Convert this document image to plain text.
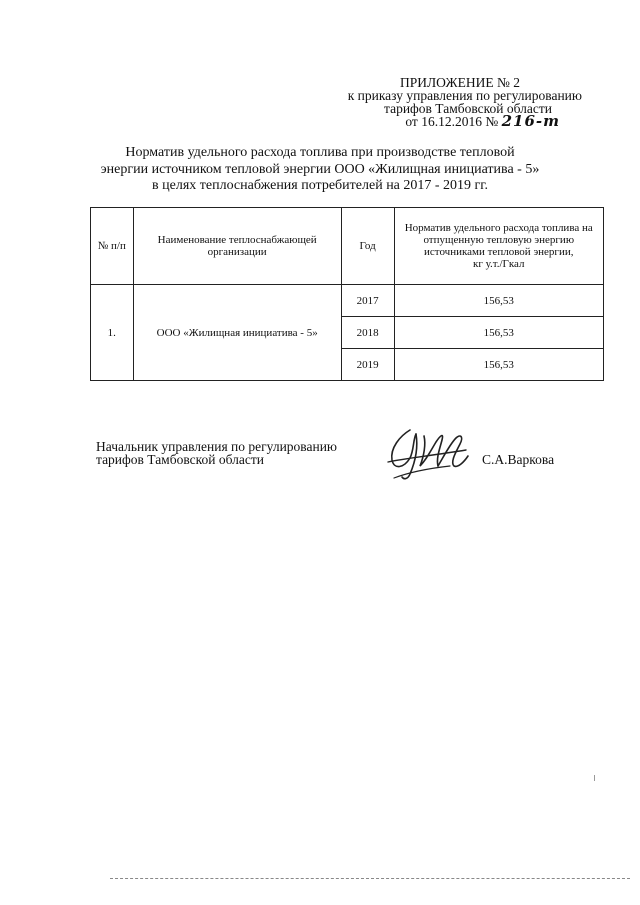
ПРИЛОЖЕНИЕ № 2
к приказу управления по регулированию
тарифов Тамбовской области
от 16.12.2016 № 216-т
Норматив удельного расхода топлива при производстве тепловой
энергии источником тепловой энергии ООО «Жилищная инициатива - 5»
в целях теплоснабжения потребителей на 2017 - 2019 гг.
№ п/п	Наименование теплоснабжающей организации	Год	Норматив удельного расхода топлива на отпущенную тепловую энергию источниками тепловой энергии,
кг у.т./Гкал
1.	ООО «Жилищная инициатива - 5»	2017	156,53
		2018	156,53
		2019	156,53
Начальник управления по регулированию
тарифов Тамбовской области	С.А.Варкова
